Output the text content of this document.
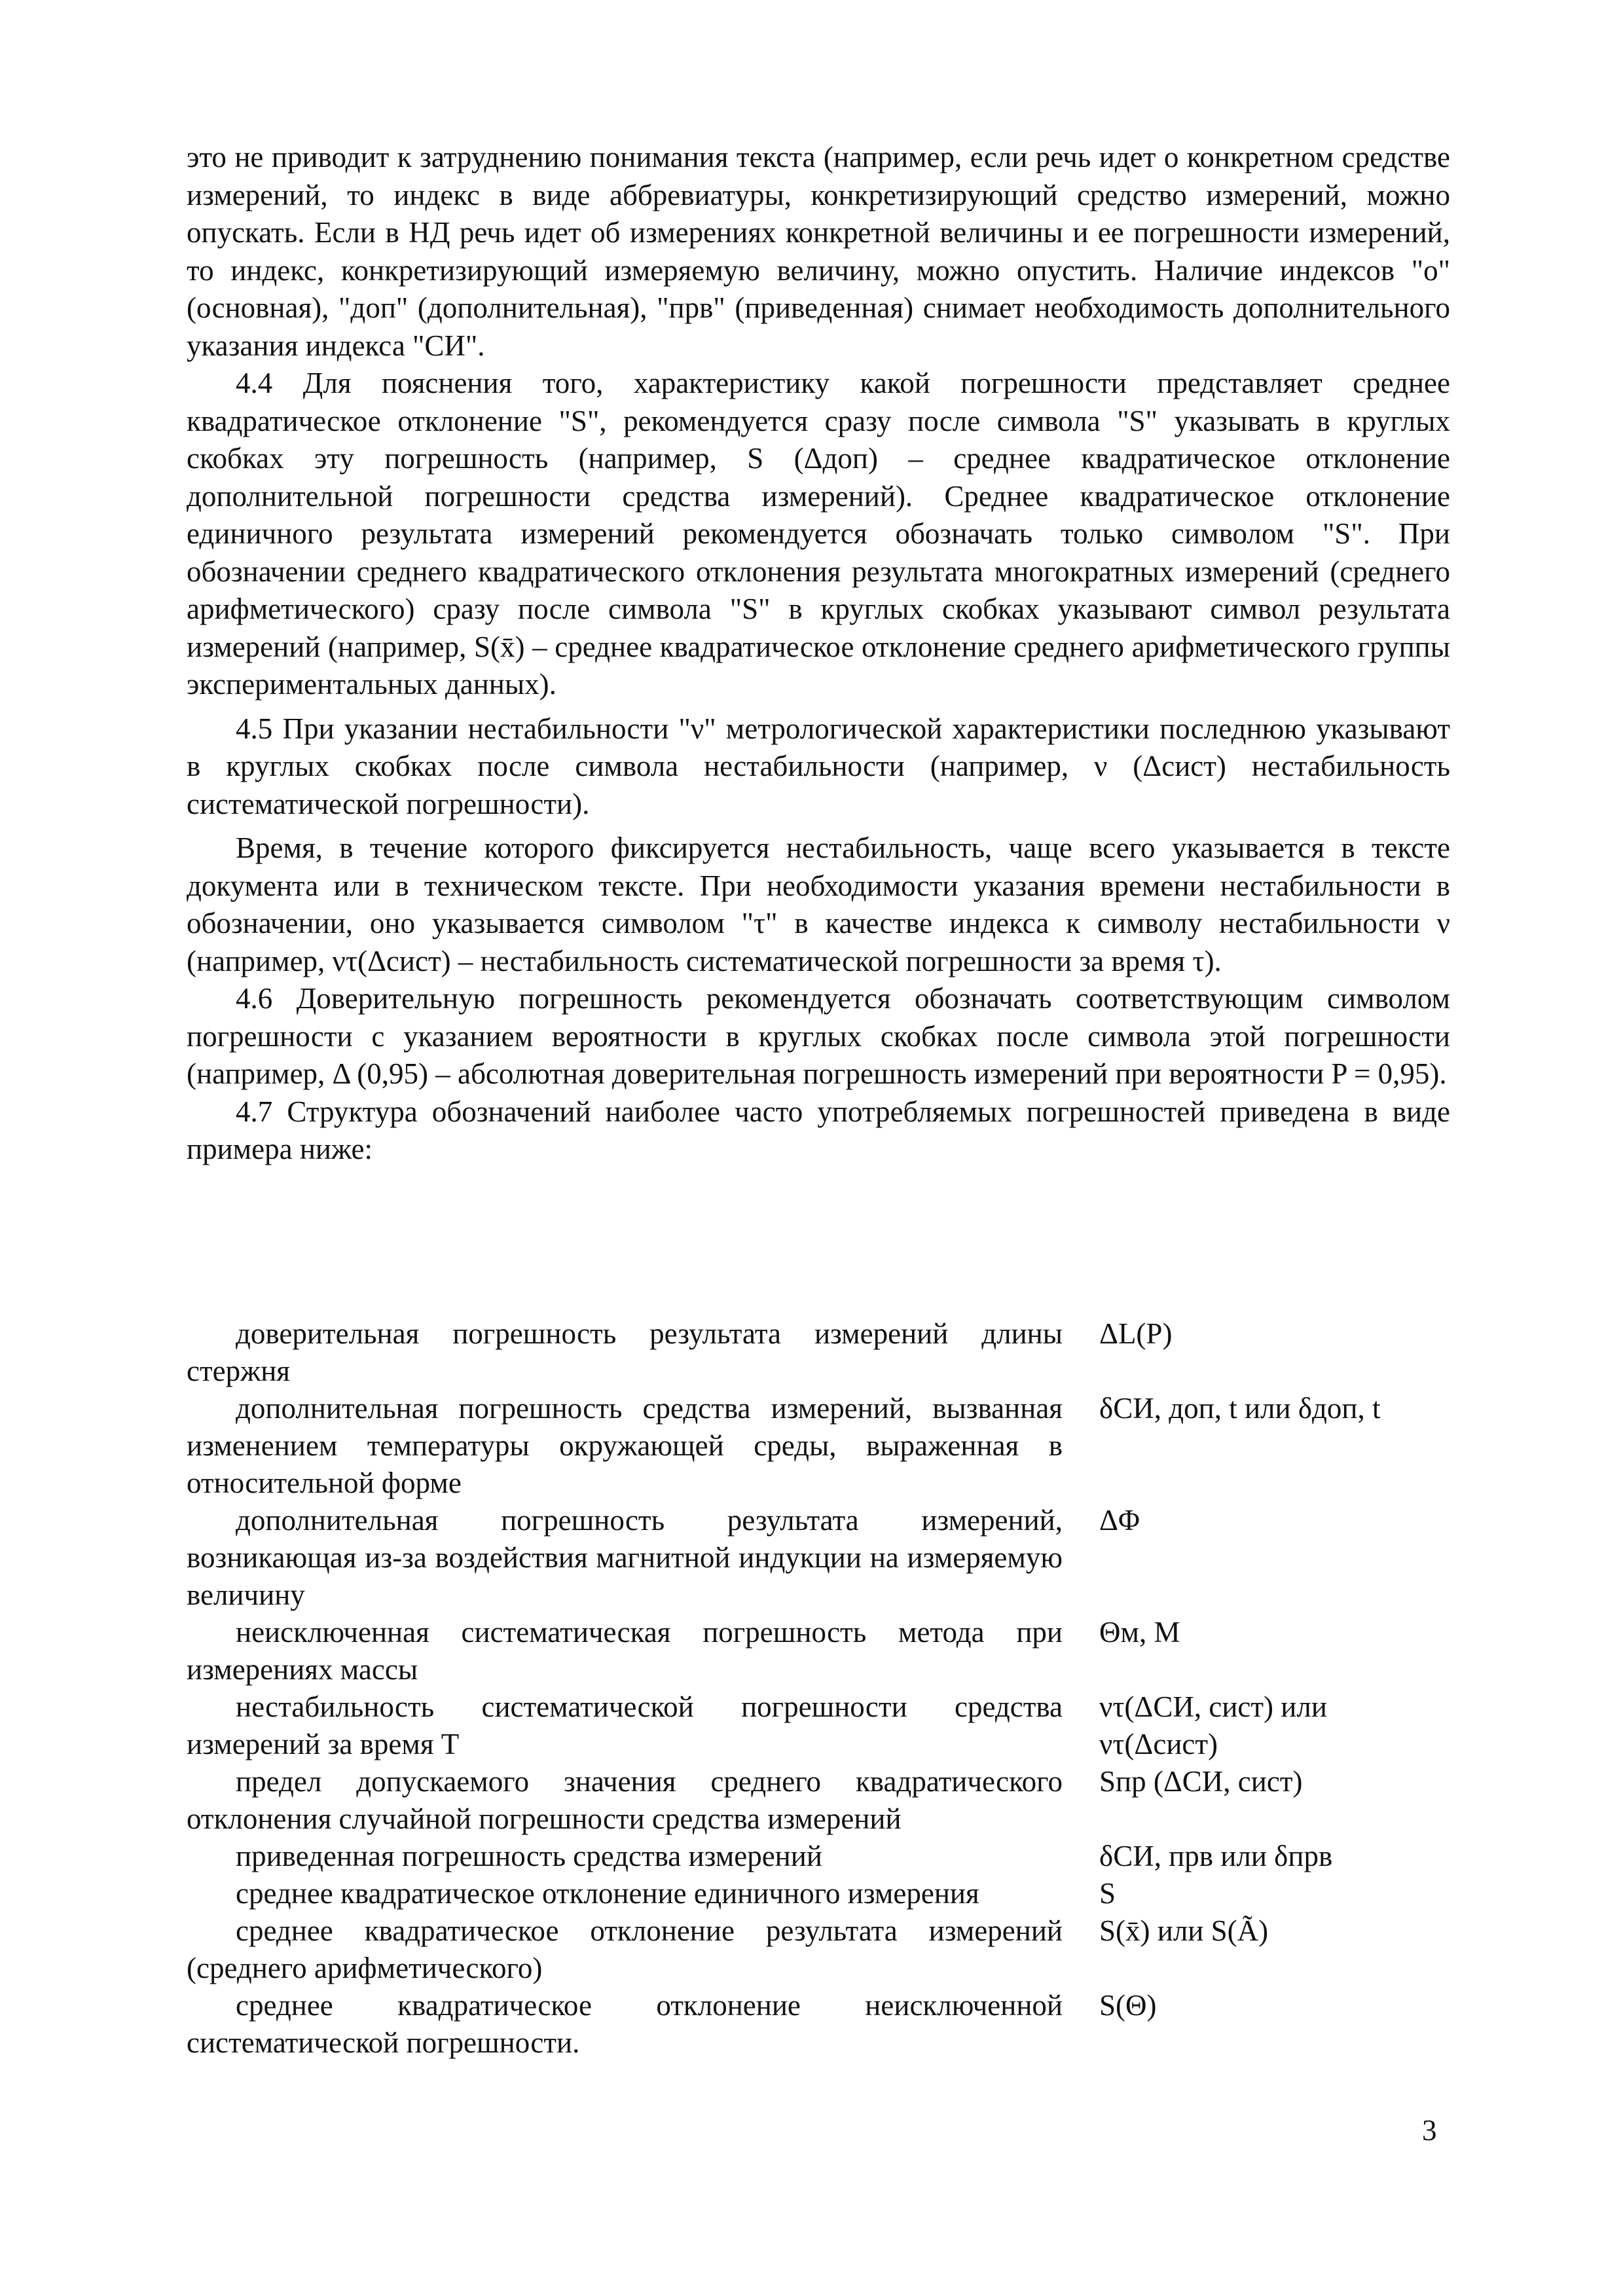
это не приводит к затруднению понимания текста (например, если речь идет о конкретном средстве измерений, то индекс в виде аббревиатуры, конкретизирующий средство измерений, можно опускать. Если в НД речь идет об измерениях конкретной величины и ее погрешности измерений, то индекс, конкретизирующий измеряемую величину, можно опустить. Наличие индексов "о" (основная), "доп" (дополнительная), "прв" (приведенная) снимает необходимость дополнительного указания индекса "СИ".

4.4 Для пояснения того, характеристику какой погрешности представляет среднее квадратическое отклонение "S", рекомендуется сразу после символа "S" указывать в круглых скобках эту погрешность (например, S (Δдоп) – среднее квадратическое отклонение дополнительной погрешности средства измерений). Среднее квадратическое отклонение единичного результата измерений рекомендуется обозначать только символом "S". При обозначении среднего квадратического отклонения результата многократных измерений (среднего арифметического) сразу после символа "S" в круглых скобках указывают символ результата измерений (например, S(x̄) – среднее квадратическое отклонение среднего арифметического группы экспериментальных данных).

4.5 При указании нестабильности "ν" метрологической характеристики последнюю указывают в круглых скобках после символа нестабильности (например, ν (Δсист) нестабильность систематической погрешности).

Время, в течение которого фиксируется нестабильность, чаще всего указывается в тексте документа или в техническом тексте. При необходимости указания времени нестабильности в обозначении, оно указывается символом "τ" в качестве индекса к символу нестабильности ν (например, ντ(Δсист) – нестабильность систематической погрешности за время τ).

4.6 Доверительную погрешность рекомендуется обозначать соответствующим символом погрешности с указанием вероятности в круглых скобках после символа этой погрешности (например, Δ (0,95) – абсолютная доверительная погрешность измерений при вероятности P = 0,95).

4.7 Структура обозначений наиболее часто употребляемых погрешностей приведена в виде примера ниже:

доверительная погрешность результата измерений длины стержня
ΔL(P)
дополнительная погрешность средства измерений, вызванная изменением температуры окружающей среды, выраженная в относительной форме
δСИ, доп, t или δдоп, t
дополнительная погрешность результата измерений, возникающая из-за воздействия магнитной индукции на измеряемую величину
ΔΦ
неисключенная систематическая погрешность метода при измерениях массы
Θм, М
нестабильность систематической погрешности средства измерений за время T
ντ(ΔСИ, сист) или ντ(Δсист)
предел допускаемого значения среднего квадратического отклонения случайной погрешности средства измерений
Sпр (ΔСИ, сист)
приведенная погрешность средства измерений	δСИ, прв или δпрв
среднее квадратическое отклонение единичного измерения	S
среднее квадратическое отклонение результата измерений (среднего арифметического)
S(x̄) или S(Ã)
среднее квадратическое отклонение неисключенной систематической погрешности.
S(Θ)
3
